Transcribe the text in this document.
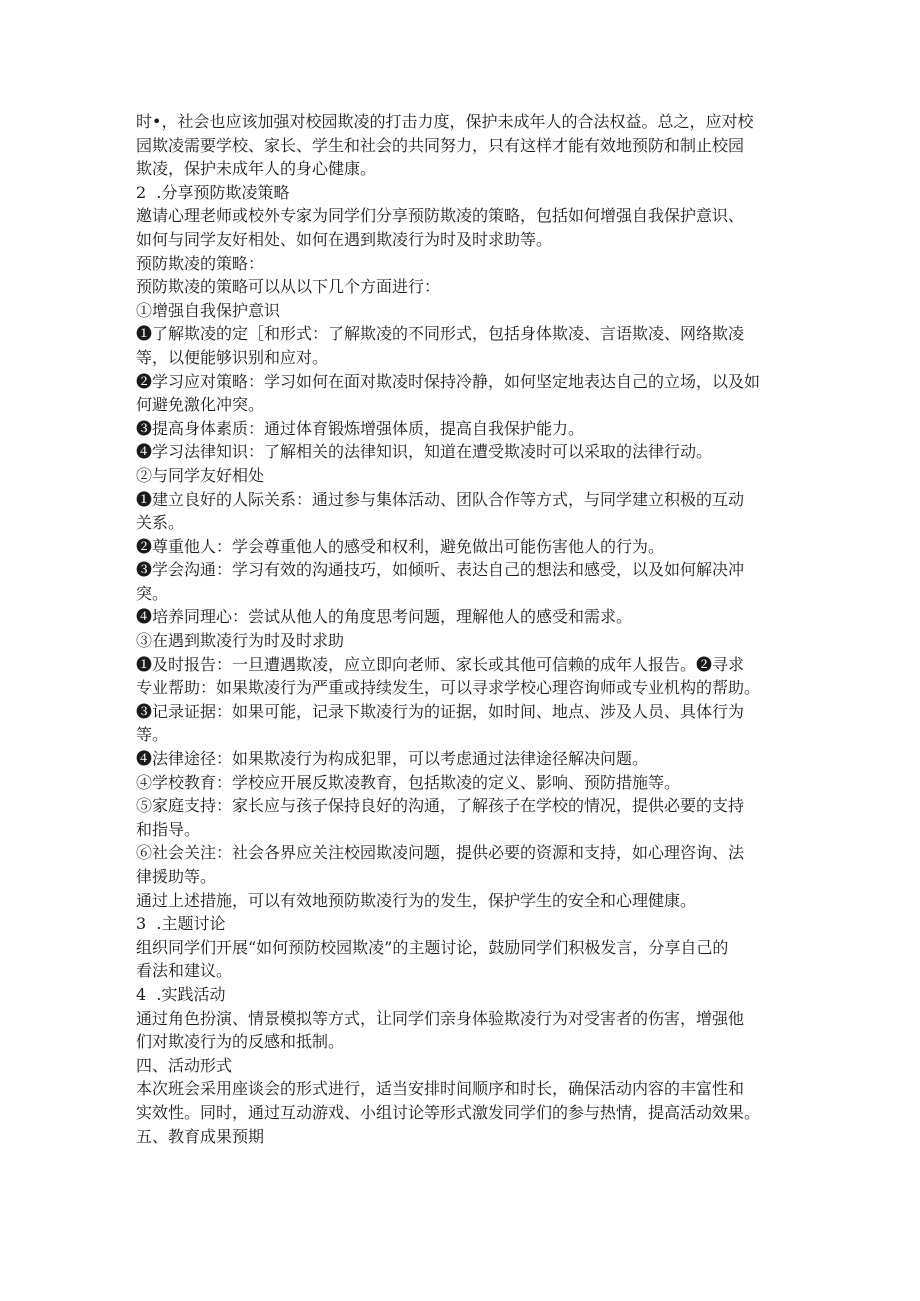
时•，社会也应该加强对校园欺凌的打击力度，保护未成年人的合法权益。总之，应对校
园欺凌需要学校、家长、学生和社会的共同努力，只有这样才能有效地预防和制止校园
欺凌，保护未成年人的身心健康。
2  .分享预防欺凌策略
邀请心理老师或校外专家为同学们分享预防欺凌的策略，包括如何增强自我保护意识、
如何与同学友好相处、如何在遇到欺凌行为时及时求助等。
预防欺凌的策略：
预防欺凌的策略可以从以下几个方面进行：
①增强自我保护意识
❶了解欺凌的定［和形式：了解欺凌的不同形式，包括身体欺凌、言语欺凌、网络欺凌
等，以便能够识别和应对。
❷学习应对策略：学习如何在面对欺凌时保持冷静，如何坚定地表达自己的立场，以及如
何避免激化冲突。
❸提高身体素质：通过体育锻炼增强体质，提高自我保护能力。
❹学习法律知识：了解相关的法律知识，知道在遭受欺凌时可以采取的法律行动。
②与同学友好相处
❶建立良好的人际关系：通过参与集体活动、团队合作等方式，与同学建立积极的互动
关系。
❷尊重他人：学会尊重他人的感受和权利，避免做出可能伤害他人的行为。
❸学会沟通：学习有效的沟通技巧，如倾听、表达自己的想法和感受，以及如何解决冲
突。
❹培养同理心：尝试从他人的角度思考问题，理解他人的感受和需求。
③在遇到欺凌行为时及时求助
❶及时报告：一旦遭遇欺凌，应立即向老师、家长或其他可信赖的成年人报告。❷寻求
专业帮助：如果欺凌行为严重或持续发生，可以寻求学校心理咨询师或专业机构的帮助。
❸记录证据：如果可能，记录下欺凌行为的证据，如时间、地点、涉及人员、具体行为
等。
❹法律途径：如果欺凌行为构成犯罪，可以考虑通过法律途径解决问题。
④学校教育：学校应开展反欺凌教育，包括欺凌的定义、影响、预防措施等。
⑤家庭支持：家长应与孩子保持良好的沟通，了解孩子在学校的情况，提供必要的支持
和指导。
⑥社会关注：社会各界应关注校园欺凌问题，提供必要的资源和支持，如心理咨询、法
律援助等。
通过上述措施，可以有效地预防欺凌行为的发生，保护学生的安全和心理健康。
3  .主题讨论
组织同学们开展“如何预防校园欺凌”的主题讨论，鼓励同学们积极发言，分享自己的
看法和建议。
4  .实践活动
通过角色扮演、情景模拟等方式，让同学们亲身体验欺凌行为对受害者的伤害，增强他
们对欺凌行为的反感和抵制。
四、活动形式
本次班会采用座谈会的形式进行，适当安排时间顺序和时长，确保活动内容的丰富性和
实效性。同时，通过互动游戏、小组讨论等形式激发同学们的参与热情，提高活动效果。
五、教育成果预期
